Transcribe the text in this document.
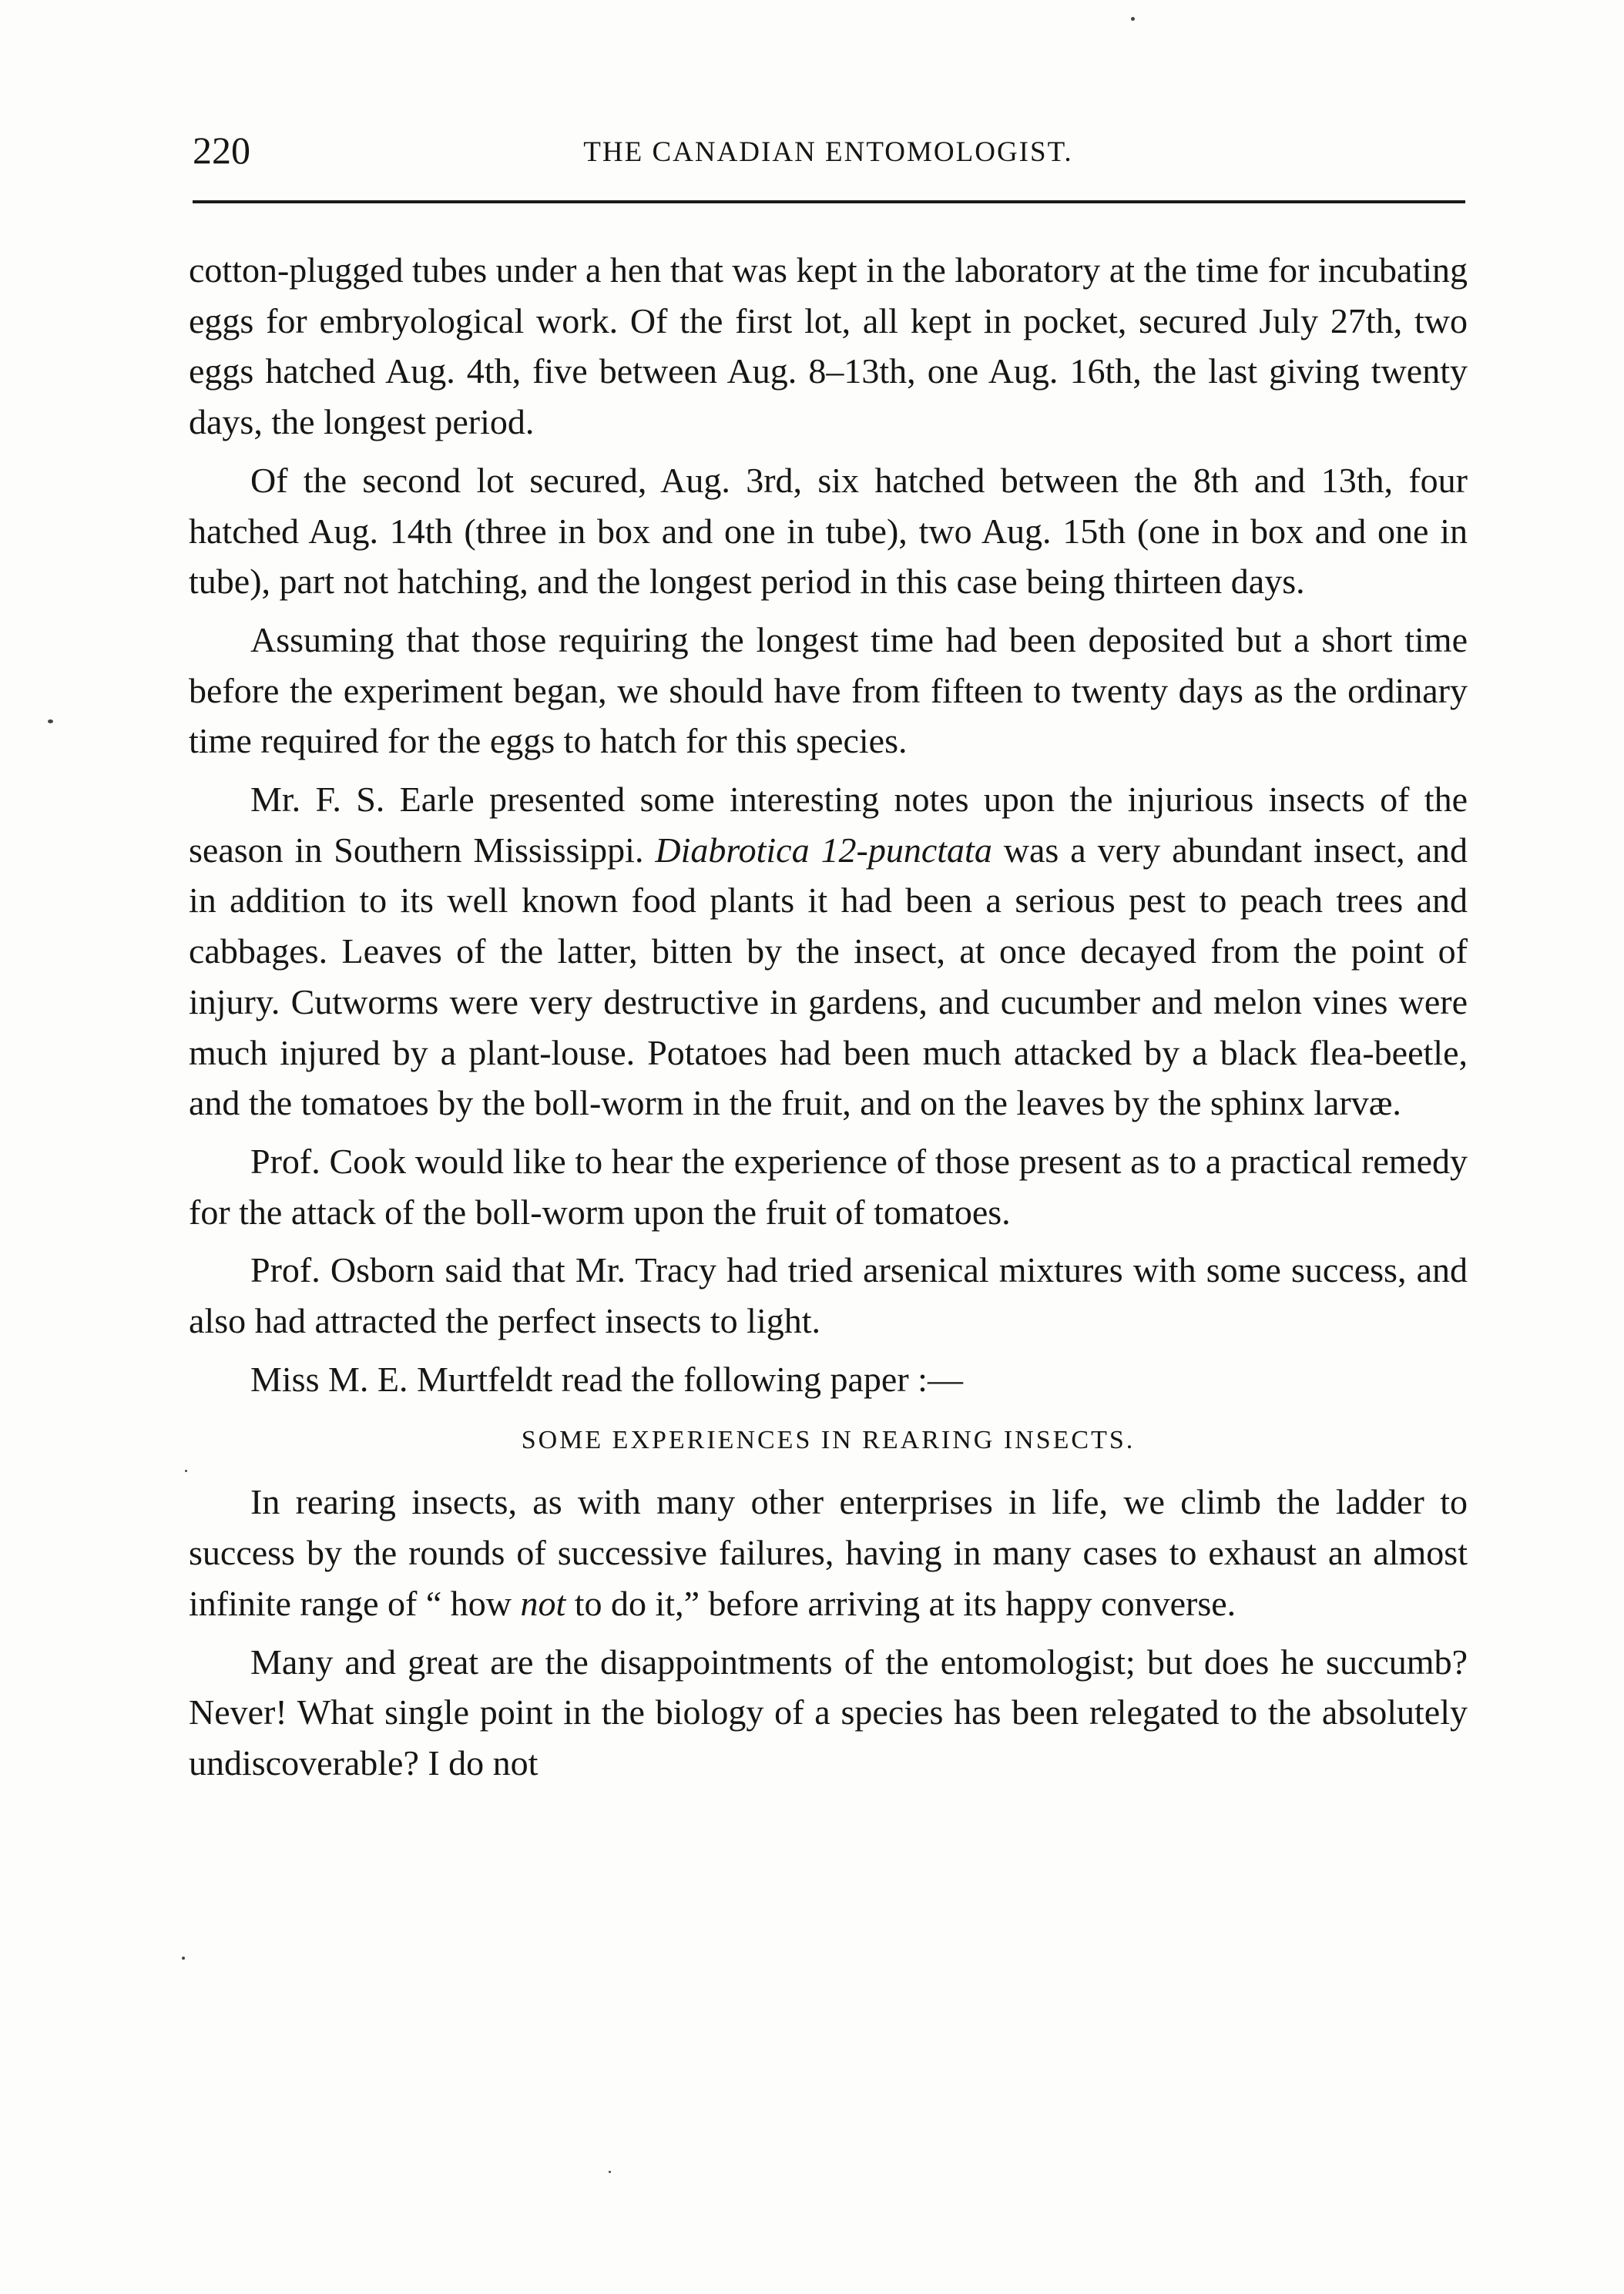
220	THE CANADIAN ENTOMOLOGIST.

cotton-plugged tubes under a hen that was kept in the laboratory at the time for incubating eggs for embryological work. Of the first lot, all kept in pocket, secured July 27th, two eggs hatched Aug. 4th, five between Aug. 8–13th, one Aug. 16th, the last giving twenty days, the longest period.

Of the second lot secured, Aug. 3rd, six hatched between the 8th and 13th, four hatched Aug. 14th (three in box and one in tube), two Aug. 15th (one in box and one in tube), part not hatching, and the longest period in this case being thirteen days.

Assuming that those requiring the longest time had been deposited but a short time before the experiment began, we should have from fifteen to twenty days as the ordinary time required for the eggs to hatch for this species.

Mr. F. S. Earle presented some interesting notes upon the injurious insects of the season in Southern Mississippi. Diabrotica 12-punctata was a very abundant insect, and in addition to its well known food plants it had been a serious pest to peach trees and cabbages. Leaves of the latter, bitten by the insect, at once decayed from the point of injury. Cutworms were very destructive in gardens, and cucumber and melon vines were much injured by a plant-louse. Potatoes had been much attacked by a black flea-beetle, and the tomatoes by the boll-worm in the fruit, and on the leaves by the sphinx larvæ.

Prof. Cook would like to hear the experience of those present as to a practical remedy for the attack of the boll-worm upon the fruit of tomatoes.

Prof. Osborn said that Mr. Tracy had tried arsenical mixtures with some success, and also had attracted the perfect insects to light.

Miss M. E. Murtfeldt read the following paper :—

SOME EXPERIENCES IN REARING INSECTS.

In rearing insects, as with many other enterprises in life, we climb the ladder to success by the rounds of successive failures, having in many cases to exhaust an almost infinite range of “ how not to do it,” before arriving at its happy converse.

Many and great are the disappointments of the entomologist; but does he succumb? Never! What single point in the biology of a species has been relegated to the absolutely undiscoverable? I do not
